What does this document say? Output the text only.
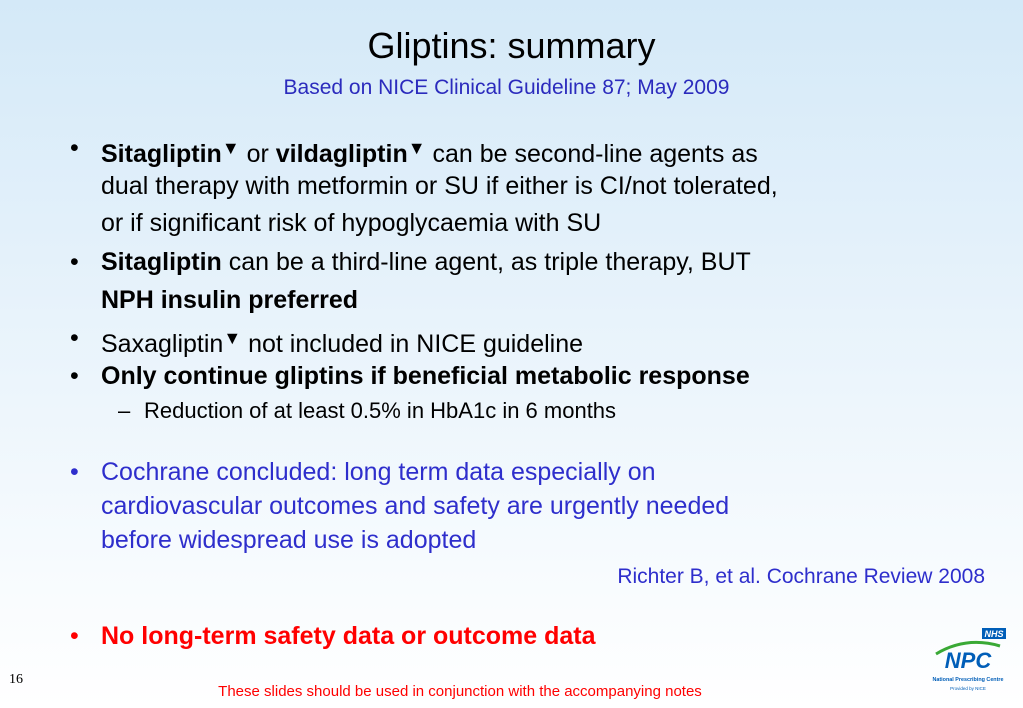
Gliptins: summary
Based on NICE Clinical Guideline 87; May 2009
• Sitagliptin▼ or vildagliptin▼ can be second-line agents as
dual therapy with metformin or SU if either is CI/not tolerated,
or if significant risk of hypoglycaemia with SU
• Sitagliptin can be a third-line agent, as triple therapy, BUT
NPH insulin preferred
• Saxagliptin▼ not included in NICE guideline
• Only continue gliptins if beneficial metabolic response
– Reduction of at least 0.5% in HbA1c in 6 months
• Cochrane concluded: long term data especially on
cardiovascular outcomes and safety are urgently needed
before widespread use is adopted
Richter B, et al. Cochrane Review 2008
• No long-term safety data or outcome data
16
These slides should be used in conjunction with the accompanying notes
NHS
NPC
National Prescribing Centre
Provided by NICE
